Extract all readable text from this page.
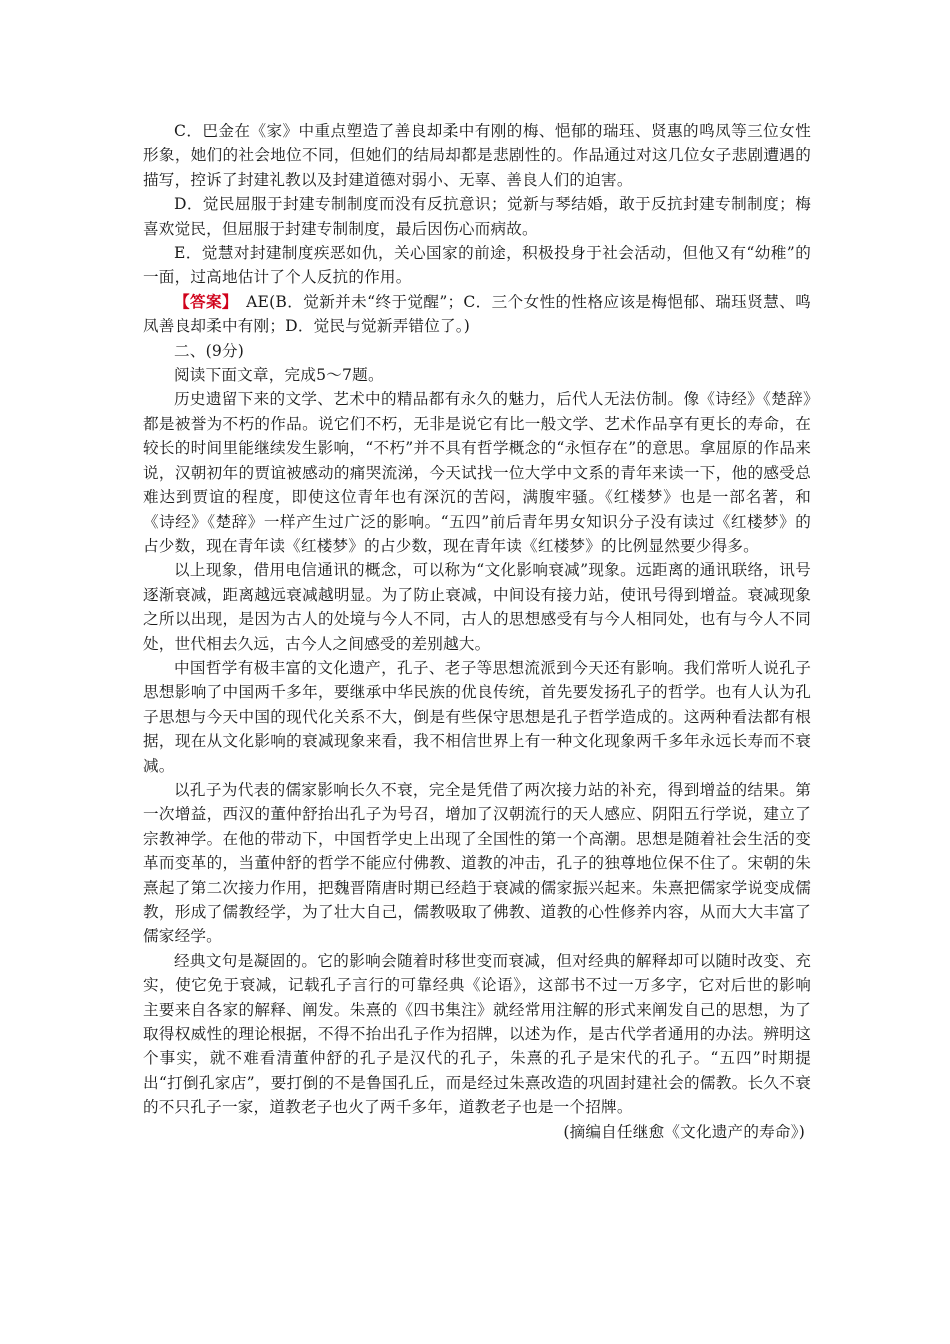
C．巴金在《家》中重点塑造了善良却柔中有刚的梅、悒郁的瑞珏、贤惠的鸣凤等三位女性形象，她们的社会地位不同，但她们的结局却都是悲剧性的。作品通过对这几位女子悲剧遭遇的描写，控诉了封建礼教以及封建道德对弱小、无辜、善良人们的迫害。

D．觉民屈服于封建专制制度而没有反抗意识；觉新与琴结婚，敢于反抗封建专制制度；梅喜欢觉民，但屈服于封建专制制度，最后因伤心而病故。

E．觉慧对封建制度疾恶如仇，关心国家的前途，积极投身于社会活动，但他又有“幼稚”的一面，过高地估计了个人反抗的作用。

【答案】　AE(B．觉新并未“终于觉醒”；C．三个女性的性格应该是梅悒郁、瑞珏贤慧、鸣凤善良却柔中有刚；D．觉民与觉新弄错位了。)

二、(9分)

阅读下面文章，完成5～7题。

历史遗留下来的文学、艺术中的精品都有永久的魅力，后代人无法仿制。像《诗经》《楚辞》都是被誉为不朽的作品。说它们不朽，无非是说它有比一般文学、艺术作品享有更长的寿命，在较长的时间里能继续发生影响，“不朽”并不具有哲学概念的“永恒存在”的意思。拿屈原的作品来说，汉朝初年的贾谊被感动的痛哭流涕，今天试找一位大学中文系的青年来读一下，他的感受总难达到贾谊的程度，即使这位青年也有深沉的苦闷，满腹牢骚。《红楼梦》也是一部名著，和《诗经》《楚辞》一样产生过广泛的影响。“五四”前后青年男女知识分子没有读过《红楼梦》的占少数，现在青年读《红楼梦》的占少数，现在青年读《红楼梦》的比例显然要少得多。

以上现象，借用电信通讯的概念，可以称为“文化影响衰减”现象。远距离的通讯联络，讯号逐渐衰减，距离越远衰减越明显。为了防止衰减，中间设有接力站，使讯号得到增益。衰减现象之所以出现，是因为古人的处境与今人不同，古人的思想感受有与今人相同处，也有与今人不同处，世代相去久远，古今人之间感受的差别越大。

中国哲学有极丰富的文化遗产，孔子、老子等思想流派到今天还有影响。我们常听人说孔子思想影响了中国两千多年，要继承中华民族的优良传统，首先要发扬孔子的哲学。也有人认为孔子思想与今天中国的现代化关系不大，倒是有些保守思想是孔子哲学造成的。这两种看法都有根据，现在从文化影响的衰减现象来看，我不相信世界上有一种文化现象两千多年永远长寿而不衰减。

以孔子为代表的儒家影响长久不衰，完全是凭借了两次接力站的补充，得到增益的结果。第一次增益，西汉的董仲舒抬出孔子为号召，增加了汉朝流行的天人感应、阴阳五行学说，建立了宗教神学。在他的带动下，中国哲学史上出现了全国性的第一个高潮。思想是随着社会生活的变革而变革的，当董仲舒的哲学不能应付佛教、道教的冲击，孔子的独尊地位保不住了。宋朝的朱熹起了第二次接力作用，把魏晋隋唐时期已经趋于衰减的儒家振兴起来。朱熹把儒家学说变成儒教，形成了儒教经学，为了壮大自己，儒教吸取了佛教、道教的心性修养内容，从而大大丰富了儒家经学。

经典文句是凝固的。它的影响会随着时移世变而衰减，但对经典的解释却可以随时改变、充实，使它免于衰减，记载孔子言行的可靠经典《论语》，这部书不过一万多字，它对后世的影响主要来自各家的解释、阐发。朱熹的《四书集注》就经常用注解的形式来阐发自己的思想，为了取得权威性的理论根据，不得不抬出孔子作为招牌，以述为作，是古代学者通用的办法。辨明这个事实，就不难看清董仲舒的孔子是汉代的孔子，朱熹的孔子是宋代的孔子。“五四”时期提出“打倒孔家店”，要打倒的不是鲁国孔丘，而是经过朱熹改造的巩固封建社会的儒教。长久不衰的不只孔子一家，道教老子也火了两千多年，道教老子也是一个招牌。

(摘编自任继愈《文化遗产的寿命》)
